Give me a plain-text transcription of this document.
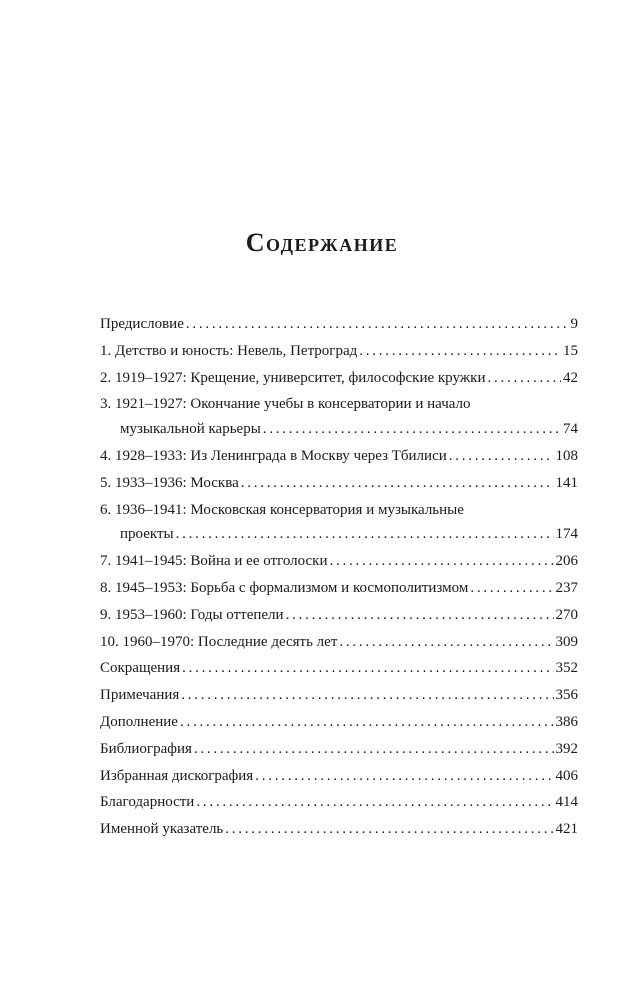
Содержание
Предисловие . . .	9
1. Детство и юность: Невель, Петроград . . .	15
2. 1919–1927: Крещение, университет, философские кружки . . .	42
3. 1921–1927: Окончание учебы в консерватории и начало
музыкальной карьеры . . .	74
4. 1928–1933: Из Ленинграда в Москву через Тбилиси . . .	108
5. 1933–1936: Москва . . .	141
6. 1936–1941: Московская консерватория и музыкальные
проекты . . .	174
7. 1941–1945: Война и ее отголоски . . .	206
8. 1945–1953: Борьба с формализмом и космополитизмом . . .	237
9. 1953–1960: Годы оттепели . . .	270
10. 1960–1970: Последние десять лет . . .	309
Сокращения . . .	352
Примечания . . .	356
Дополнение . . .	386
Библиография . . .	392
Избранная дискография . . .	406
Благодарности . . .	414
Именной указатель . . .	421
